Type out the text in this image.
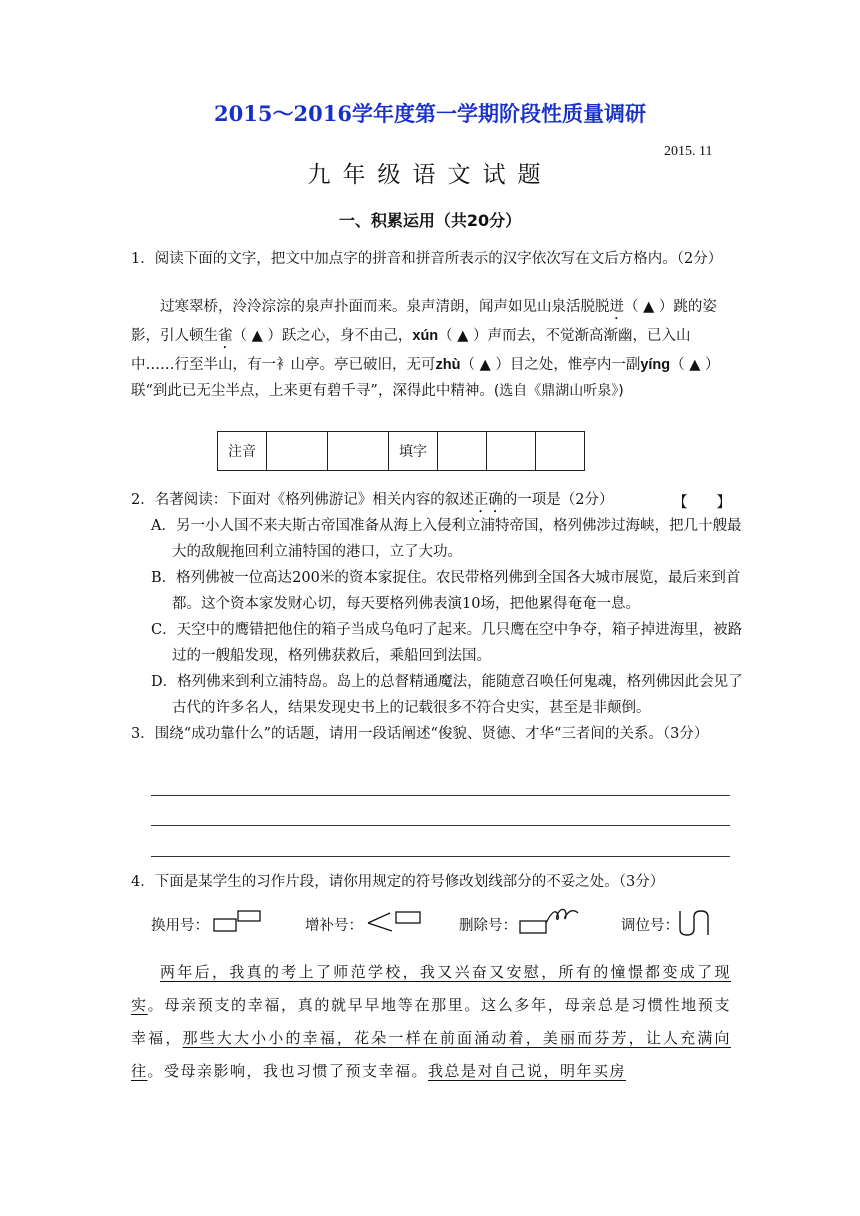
2015～2016学年度第一学期阶段性质量调研
2015. 11
九年级语文试题
一、积累运用（共20分）
1．阅读下面的文字，把文中加点字的拼音和拼音所表示的汉字依次写在文后方格内。（2分）
过寒翠桥，泠泠淙淙的泉声扑面而来。泉声清朗，闻声如见山泉活脱脱迸（ ▲ ）跳的姿影，引人顿生雀（ ▲ ）跃之心，身不由己，xún（ ▲ ）声而去，不觉渐高渐幽，已入山中……行至半山，有一衤山亭。亭已破旧，无可zhù（ ▲ ）目之处，惟亭内一副yíng（ ▲ ）联“到此已无尘半点，上来更有碧千寻”，深得此中精神。(选自《鼎湖山听泉》)
注音			填字			
2．名著阅读：下面对《格列佛游记》相关内容的叙述正确的一项是（2分）	【　　】
A．另一小人国不来夫斯古帝国准备从海上入侵利立浦特帝国，格列佛涉过海峡，把几十艘最大的敌舰拖回利立浦特国的港口，立了大功。
B．格列佛被一位高达200米的资本家捉住。农民带格列佛到全国各大城市展览，最后来到首都。这个资本家发财心切，每天要格列佛表演10场，把他累得奄奄一息。
C．天空中的鹰错把他住的箱子当成乌龟叼了起来。几只鹰在空中争夺，箱子掉进海里，被路过的一艘船发现，格列佛获救后，乘船回到法国。
D．格列佛来到利立浦特岛。岛上的总督精通魔法，能随意召唤任何鬼魂，格列佛因此会见了古代的许多名人，结果发现史书上的记载很多不符合史实，甚至是非颠倒。
3．围绕“成功靠什么”的话题，请用一段话阐述“俊貌、贤德、才华“三者间的关系。（3分）
4．下面是某学生的习作片段，请你用规定的符号修改划线部分的不妥之处。（3分）
换用号：	增补号：	删除号：	调位号：
两年后，我真的考上了师范学校，我又兴奋又安慰，所有的憧憬都变成了现实。母亲预支的幸福，真的就早早地等在那里。这么多年，母亲总是习惯性地预支幸福，那些大大小小的幸福，花朵一样在前面涌动着，美丽而芬芳，让人充满向往。受母亲影响，我也习惯了预支幸福。我总是对自己说，明年买房
